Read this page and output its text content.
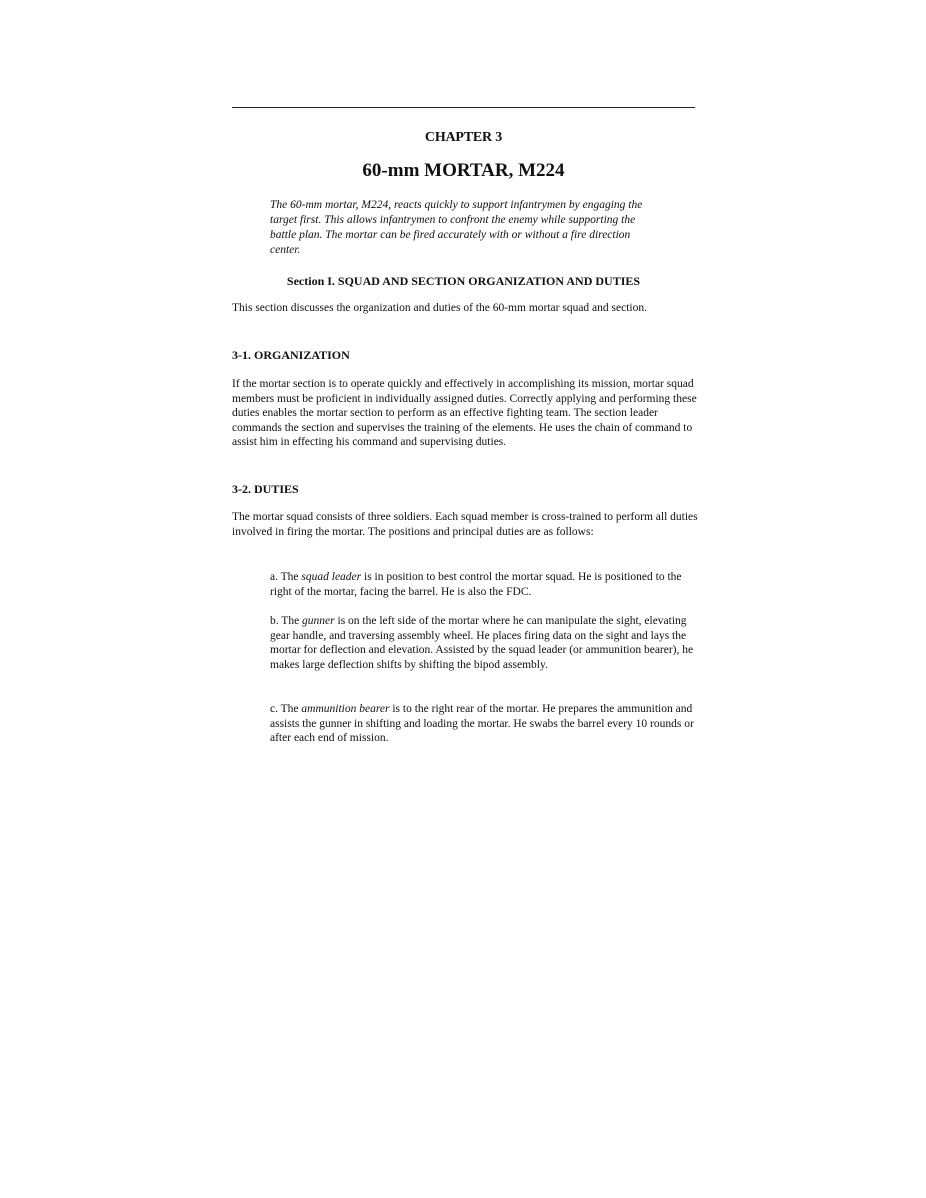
CHAPTER 3
60-mm MORTAR, M224

The 60-mm mortar, M224, reacts quickly to support infantrymen by engaging the target first. This allows infantrymen to confront the enemy while supporting the battle plan. The mortar can be fired accurately with or without a fire direction center.

Section I. SQUAD AND SECTION ORGANIZATION AND DUTIES

This section discusses the organization and duties of the 60-mm mortar squad and section.

3-1. ORGANIZATION

If the mortar section is to operate quickly and effectively in accomplishing its mission, mortar squad members must be proficient in individually assigned duties. Correctly applying and performing these duties enables the mortar section to perform as an effective fighting team. The section leader commands the section and supervises the training of the elements. He uses the chain of command to assist him in effecting his command and supervising duties.

3-2. DUTIES

The mortar squad consists of three soldiers. Each squad member is cross-trained to perform all duties involved in firing the mortar. The positions and principal duties are as follows:

a. The squad leader is in position to best control the mortar squad. He is positioned to the right of the mortar, facing the barrel. He is also the FDC.

b. The gunner is on the left side of the mortar where he can manipulate the sight, elevating gear handle, and traversing assembly wheel. He places firing data on the sight and lays the mortar for deflection and elevation. Assisted by the squad leader (or ammunition bearer), he makes large deflection shifts by shifting the bipod assembly.

c. The ammunition bearer is to the right rear of the mortar. He prepares the ammunition and assists the gunner in shifting and loading the mortar. He swabs the barrel every 10 rounds or after each end of mission.
